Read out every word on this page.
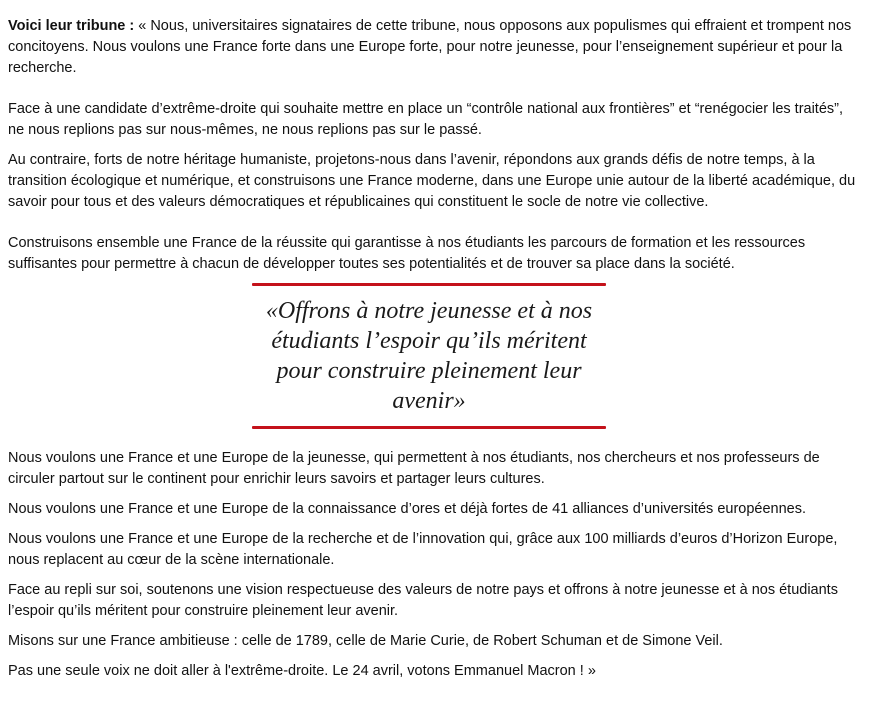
Voici leur tribune : « Nous, universitaires signataires de cette tribune, nous opposons aux populismes qui effraient et trompent nos concitoyens. Nous voulons une France forte dans une Europe forte, pour notre jeunesse, pour l’enseignement supérieur et pour la recherche.

Face à une candidate d’extrême-droite qui souhaite mettre en place un “contrôle national aux frontières” et “renégocier les traités”, ne nous replions pas sur nous-mêmes, ne nous replions pas sur le passé.

Au contraire, forts de notre héritage humaniste, projetons-nous dans l’avenir, répondons aux grands défis de notre temps, à la transition écologique et numérique, et construisons une France moderne, dans une Europe unie autour de la liberté académique, du savoir pour tous et des valeurs démocratiques et républicaines qui constituent le socle de notre vie collective.

Construisons ensemble une France de la réussite qui garantisse à nos étudiants les parcours de formation et les ressources suffisantes pour permettre à chacun de développer toutes ses potentialités et de trouver sa place dans la société.

«Offrons à notre jeunesse et à nos étudiants l’espoir qu’ils méritent pour construire pleinement leur avenir»

Nous voulons une France et une Europe de la jeunesse, qui permettent à nos étudiants, nos chercheurs et nos professeurs de circuler partout sur le continent pour enrichir leurs savoirs et partager leurs cultures.

Nous voulons une France et une Europe de la connaissance d’ores et déjà fortes de 41 alliances d’universités européennes.

Nous voulons une France et une Europe de la recherche et de l’innovation qui, grâce aux 100 milliards d’euros d’Horizon Europe, nous replacent au cœur de la scène internationale.

Face au repli sur soi, soutenons une vision respectueuse des valeurs de notre pays et offrons à notre jeunesse et à nos étudiants l’espoir qu’ils méritent pour construire pleinement leur avenir.

Misons sur une France ambitieuse : celle de 1789, celle de Marie Curie, de Robert Schuman et de Simone Veil.

Pas une seule voix ne doit aller à l'extrême-droite. Le 24 avril, votons Emmanuel Macron ! »
